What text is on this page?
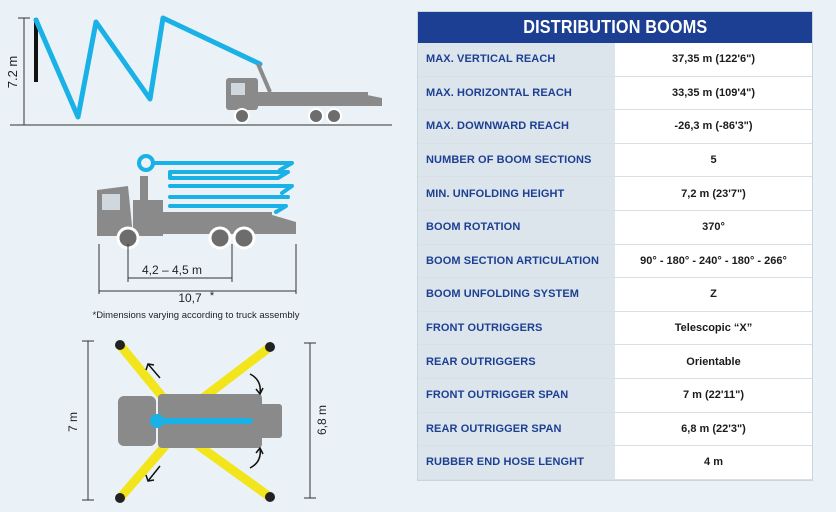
7.2 m
4,2 – 4,5 m
10,7 *
*Dimensions varying according to truck assembly
7 m	6,8 m
DISTRIBUTION BOOMS	
MAX. VERTICAL REACH	37,35 m (122'6")
MAX. HORIZONTAL REACH	33,35 m (109'4")
MAX. DOWNWARD REACH	-26,3 m (-86'3")
NUMBER OF BOOM SECTIONS	5
MIN. UNFOLDING HEIGHT	7,2 m (23'7")
BOOM ROTATION	370°
BOOM SECTION ARTICULATION	90° - 180° - 240° - 180° - 266°
BOOM UNFOLDING SYSTEM	Z
FRONT OUTRIGGERS	Telescopic “X”
REAR OUTRIGGERS	Orientable
FRONT OUTRIGGER SPAN	7 m (22'11")
REAR OUTRIGGER SPAN	6,8 m (22'3")
RUBBER END HOSE LENGHT	4 m
